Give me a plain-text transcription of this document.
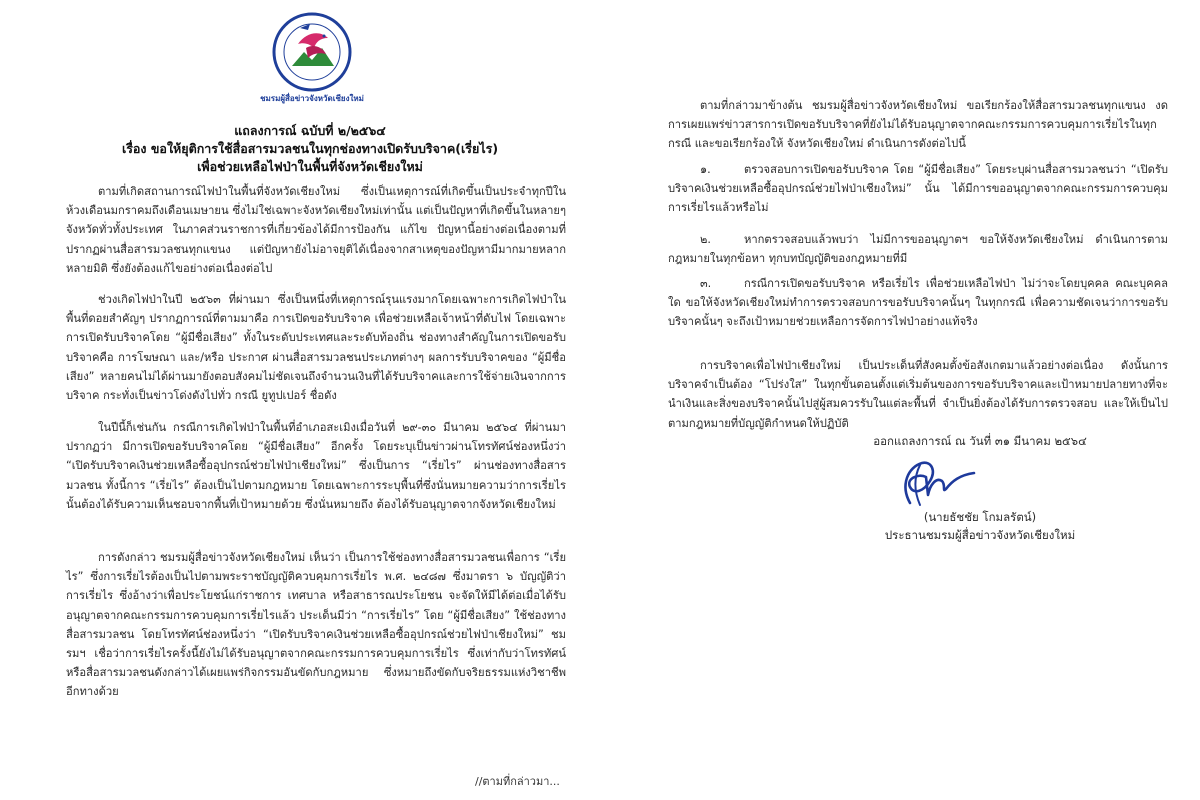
ชมรมผู้สื่อข่าวจังหวัดเชียงใหม่
แถลงการณ์ ฉบับที่ ๒/๒๕๖๔
เรื่อง ขอให้ยุติการใช้สื่อสารมวลชนในทุกช่องทางเปิดรับบริจาค(เรี่ยไร)
เพื่อช่วยเหลือไฟป่าในพื้นที่จังหวัดเชียงใหม่
ตามที่เกิดสถานการณ์ไฟป่าในพื้นที่จังหวัดเชียงใหม่ ซึ่งเป็นเหตุการณ์ที่เกิดขึ้นเป็นประจำทุกปีในห้วงเดือนมกราคมถึงเดือนเมษายน ซึ่งไม่ใช่เฉพาะจังหวัดเชียงใหม่เท่านั้น แต่เป็นปัญหาที่เกิดขึ้นในหลายๆ จังหวัดทั่วทั้งประเทศ ในภาคส่วนราชการที่เกี่ยวข้องได้มีการป้องกัน แก้ไข ปัญหานี้อย่างต่อเนื่องตามที่ปรากฏผ่านสื่อสารมวลชนทุกแขนง แต่ปัญหายังไม่อาจยุติได้เนื่องจากสาเหตุของปัญหามีมากมายหลากหลายมิติ ซึ่งยังต้องแก้ไขอย่างต่อเนื่องต่อไป
ช่วงเกิดไฟป่าในปี ๒๕๖๓ ที่ผ่านมา ซึ่งเป็นหนึ่งที่เหตุการณ์รุนแรงมากโดยเฉพาะการเกิดไฟป่าในพื้นที่ดอยสำคัญๆ ปรากฏการณ์ที่ตามมาคือ การเปิดขอรับบริจาค เพื่อช่วยเหลือเจ้าหน้าที่ดับไฟ โดยเฉพาะการเปิดรับบริจาคโดย “ผู้มีชื่อเสียง” ทั้งในระดับประเทศและระดับท้องถิ่น ช่องทางสำคัญในการเปิดขอรับบริจาคคือ การโฆษณา และ/หรือ ประกาศ ผ่านสื่อสารมวลชนประเภทต่างๆ ผลการรับบริจาคของ “ผู้มีชื่อเสียง” หลายคนไม่ได้ผ่านมายังตอบสังคมไม่ชัดเจนถึงจำนวนเงินที่ได้รับบริจาคและการใช้จ่ายเงินจากการบริจาค กระทั่งเป็นข่าวโด่งดังไปทั่ว กรณี ยูทูปเปอร์ ชื่อดัง
ในปีนี้ก็เช่นกัน กรณีการเกิดไฟป่าในพื้นที่อำเภอสะเมิงเมื่อวันที่ ๒๙-๓๐ มีนาคม ๒๕๖๔ ที่ผ่านมา ปรากฏว่า มีการเปิดขอรับบริจาคโดย “ผู้มีชื่อเสียง” อีกครั้ง โดยระบุเป็นข่าวผ่านโทรทัศน์ช่องหนึ่งว่า “เปิดรับบริจาคเงินช่วยเหลือซื้ออุปกรณ์ช่วยไฟป่าเชียงใหม่” ซึ่งเป็นการ “เรี่ยไร” ผ่านช่องทางสื่อสารมวลชน ทั้งนี้การ “เรี่ยไร” ต้องเป็นไปตามกฎหมาย โดยเฉพาะการระบุพื้นที่ซึ่งนั่นหมายความว่าการเรี่ยไรนั้นต้องได้รับความเห็นชอบจากพื้นที่เป้าหมายด้วย ซึ่งนั่นหมายถึง ต้องได้รับอนุญาตจากจังหวัดเชียงใหม่
การดังกล่าว ชมรมผู้สื่อข่าวจังหวัดเชียงใหม่ เห็นว่า เป็นการใช้ช่องทางสื่อสารมวลชนเพื่อการ “เรี่ยไร” ซึ่งการเรี่ยไรต้องเป็นไปตามพระราชบัญญัติควบคุมการเรี่ยไร พ.ศ. ๒๔๘๗ ซึ่งมาตรา ๖ บัญญัติว่า การเรี่ยไร ซึ่งอ้างว่าเพื่อประโยชน์แก่ราชการ เทศบาล หรือสาธารณประโยชน จะจัดให้มีได้ต่อเมื่อได้รับอนุญาตจากคณะกรรมการควบคุมการเรี่ยไรแล้ว ประเด็นมีว่า “การเรี่ยไร” โดย “ผู้มีชื่อเสียง” ใช้ช่องทางสื่อสารมวลชน โดยโทรทัศน์ช่องหนึ่งว่า “เปิดรับบริจาคเงินช่วยเหลือซื้ออุปกรณ์ช่วยไฟป่าเชียงใหม่” ชมรมฯ เชื่อว่าการเรี่ยไรครั้งนี้ยังไม่ได้รับอนุญาตจากคณะกรรมการควบคุมการเรี่ยไร ซึ่งเท่ากับว่าโทรทัศน์หรือสื่อสารมวลชนดังกล่าวได้เผยแพร่กิจกรรมอันขัดกับกฎหมาย ซึ่งหมายถึงขัดกับจริยธรรมแห่งวิชาชีพอีกทางด้วย
//ตามที่กล่าวมา...
ตามที่กล่าวมาข้างต้น ชมรมผู้สื่อข่าวจังหวัดเชียงใหม่ ขอเรียกร้องให้สื่อสารมวลชนทุกแขนง งดการเผยแพร่ข่าวสารการเปิดขอรับบริจาคที่ยังไม่ได้รับอนุญาตจากคณะกรรมการควบคุมการเรี่ยไรในทุกกรณี และขอเรียกร้องให้ จังหวัดเชียงใหม่ ดำเนินการดังต่อไปนี้
๑.	ตรวจสอบการเปิดขอรับบริจาค โดย “ผู้มีชื่อเสียง” โดยระบุผ่านสื่อสารมวลชนว่า “เปิดรับบริจาคเงินช่วยเหลือซื้ออุปกรณ์ช่วยไฟป่าเชียงใหม่” นั้น ได้มีการขออนุญาตจากคณะกรรมการควบคุมการเรี่ยไรแล้วหรือไม่
๒.	หากตรวจสอบแล้วพบว่า ไม่มีการขออนุญาตฯ ขอให้จังหวัดเชียงใหม่ ดำเนินการตามกฎหมายในทุกข้อหา ทุกบทบัญญัติของกฎหมายที่มี
๓.	กรณีการเปิดขอรับบริจาค หรือเรี่ยไร เพื่อช่วยเหลือไฟป่า ไม่ว่าจะโดยบุคคล คณะบุคคลใด ขอให้จังหวัดเชียงใหม่ทำการตรวจสอบการขอรับบริจาคนั้นๆ ในทุกกรณี เพื่อความชัดเจนว่าการขอรับบริจาคนั้นๆ จะถึงเป้าหมายช่วยเหลือการจัดการไฟป่าอย่างแท้จริง
การบริจาคเพื่อไฟป่าเชียงใหม่ เป็นประเด็นที่สังคมตั้งข้อสังเกตมาแล้วอย่างต่อเนื่อง ดังนั้นการบริจาคจำเป็นต้อง “โปร่งใส” ในทุกขั้นตอนตั้งแต่เริ่มต้นของการขอรับบริจาคและเป้าหมายปลายทางที่จะนำเงินและสิ่งของบริจาคนั้นไปสู่ผู้สมควรรับในแต่ละพื้นที่ จำเป็นยิ่งต้องได้รับการตรวจสอบ และให้เป็นไปตามกฎหมายที่บัญญัติกำหนดให้ปฏิบัติ
ออกแถลงการณ์ ณ วันที่ ๓๑ มีนาคม ๒๕๖๔
(นายธัชชัย โกมลรัตน์)
ประธานชมรมผู้สื่อข่าวจังหวัดเชียงใหม่
